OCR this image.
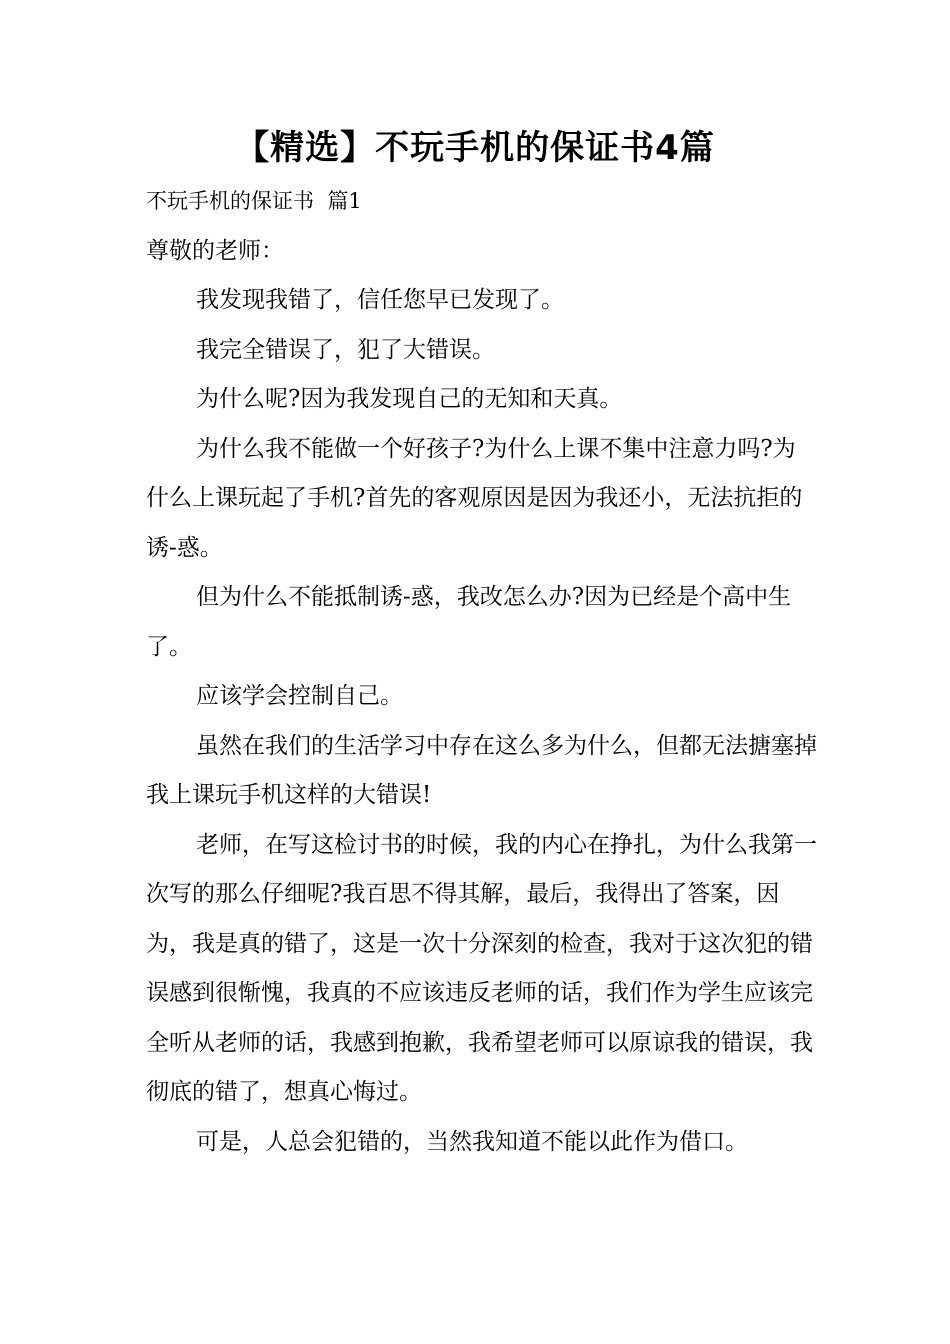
【精选】不玩手机的保证书4篇

不玩手机的保证书  篇1

尊敬的老师：

我发现我错了，信任您早已发现了。

我完全错误了，犯了大错误。

为什么呢?因为我发现自己的无知和天真。

为什么我不能做一个好孩子?为什么上课不集中注意力吗?为什么上课玩起了手机?首先的客观原因是因为我还小，无法抗拒的诱-惑。

但为什么不能抵制诱-惑，我改怎么办?因为已经是个高中生了。

应该学会控制自己。

虽然在我们的生活学习中存在这么多为什么，但都无法搪塞掉我上课玩手机这样的大错误!

老师，在写这检讨书的时候，我的内心在挣扎，为什么我第一次写的那么仔细呢?我百思不得其解，最后，我得出了答案，因为，我是真的错了，这是一次十分深刻的检查，我对于这次犯的错误感到很惭愧，我真的不应该违反老师的话，我们作为学生应该完全听从老师的话，我感到抱歉，我希望老师可以原谅我的错误，我彻底的错了，想真心悔过。

可是，人总会犯错的，当然我知道不能以此作为借口。
